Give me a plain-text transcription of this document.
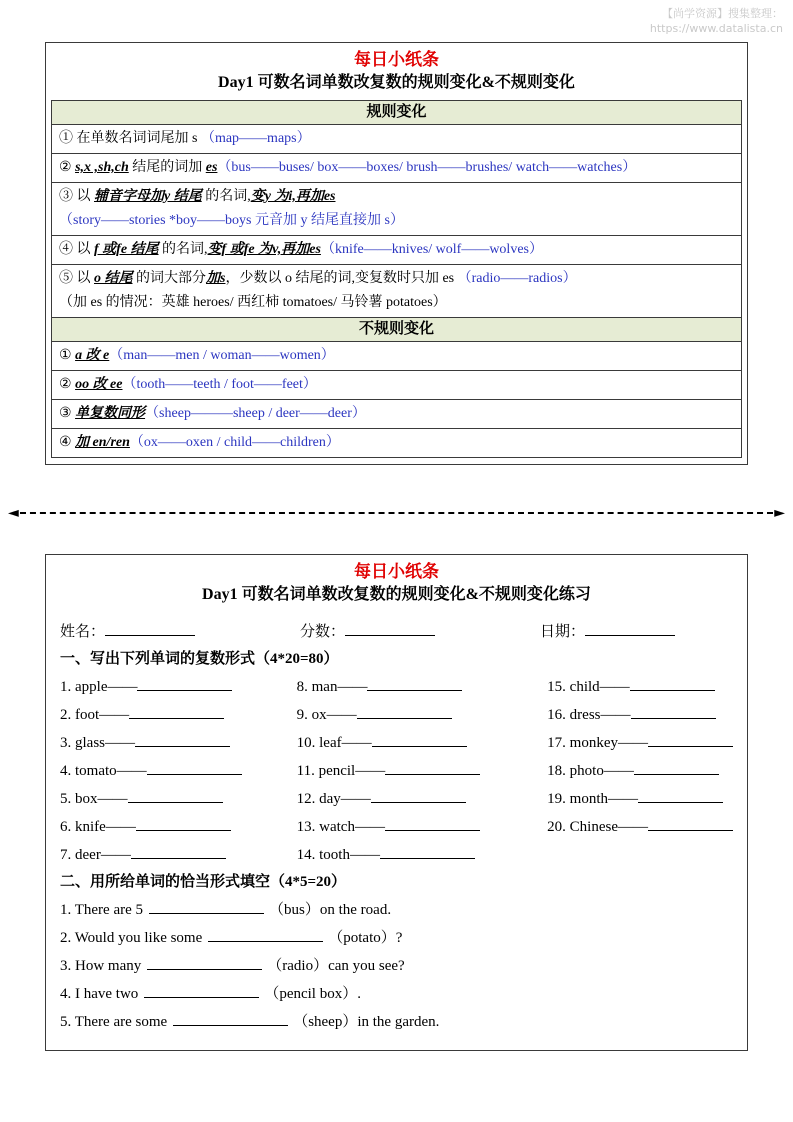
【尚学资源】搜集整理：
https://www.datalista.cn
每日小纸条
Day1 可数名词单数改复数的规则变化&不规则变化
规则变化
① 在单数名词词尾加 s （map——maps）
② s,x ,sh,ch 结尾的词加 es（bus——buses/ box——boxes/ brush——brushes/ watch——watches）
③ 以 辅音字母加y 结尾 的名词,变y 为i,再加es
（story——stories *boy——boys 元音加 y 结尾直接加 s）
④ 以 f 或fe 结尾 的名词,变f 或fe 为v,再加es（knife——knives/ wolf——wolves）
⑤ 以 o 结尾 的词大部分加s，少数以 o 结尾的词,变复数时只加 es （radio——radios）
（加 es 的情况：英雄 heroes/ 西红柿 tomatoes/ 马铃薯 potatoes）
不规则变化
① a 改 e（man——men / woman——women）
② oo 改 ee（tooth——teeth / foot——feet）
③ 单复数同形（sheep———sheep / deer——deer）
④ 加 en/ren（ox——oxen / child——children）
◄	►
每日小纸条
Day1 可数名词单数改复数的规则变化&不规则变化练习
姓名：	分数：	日期：
一、写出下列单词的复数形式（4*20=80）
1. apple——
2. foot——
3. glass——
4. tomato——
5. box——
6. knife——
7. deer——
8. man——
9. ox——
10. leaf——
11. pencil——
12. day——
13. watch——
14. tooth——
15. child——
16. dress——
17. monkey——
18. photo——
19. month——
20. Chinese——
二、用所给单词的恰当形式填空（4*5=20）
1. There are 5	（bus）on the road.
2. Would you like some	（potato）?
3. How many	（radio）can you see?
4. I have two	（pencil box）.
5. There are some	（sheep）in the garden.
